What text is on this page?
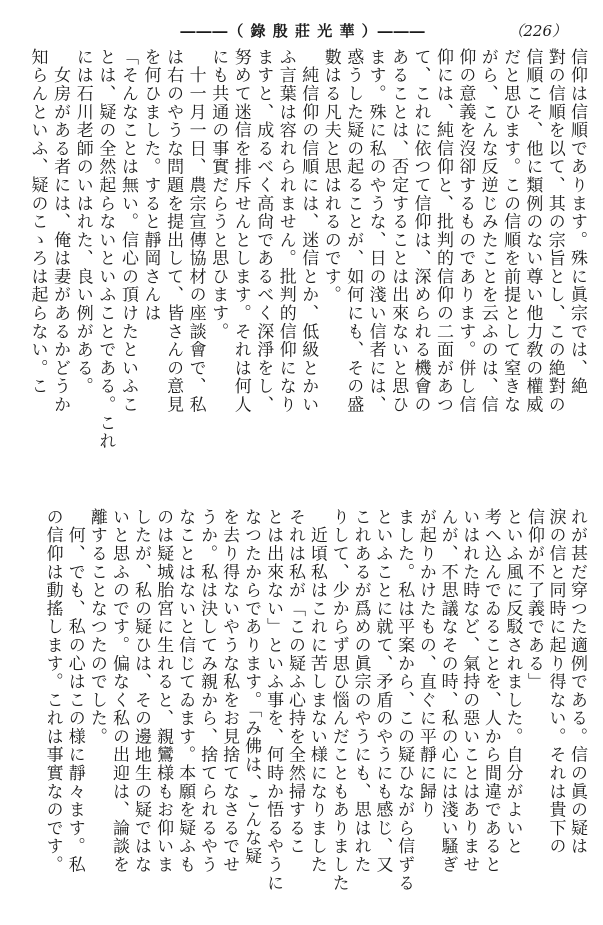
―――（ 錄 殷 莊 光 華 ）―――	（226）
信仰は信順であります。殊に眞宗では、絶
對の信順を以て、其の宗旨とし、この絶對の
信順こそ、他に類例のない尊い他力敎の權威
だと思ひます。この信順を前提として窒きな
がら、こんな反逆じみたことを云ふのは、信
仰の意義を沒卻するものであります。併し信
仰には、純信仰と、批判的信仰の二面があつ
て、これに依つて信仰は、深められる機會の
あることは、否定することは出來ないと思ひ
ます。殊に私のやうな、日の淺い信者には、
惑うした疑の起ることが、如何にも、その盛
數はる凡夫と思はれるのです。
　純信仰の信順には、迷信とか、低級とかい
ふ言葉は容れられません。批判的信仰になり
ますと、成るべく高尙であるべく深淨をし、
努めて迷信を排斥せんとします。それは何人
にも共通の事實だらうと思ひます。
　十一月一日、農宗宣傳協材の座談會で、私
は右のやうな問題を提出して、皆さんの意見
を何ひました。すると靜岡さんは
「そんなことは無い。信心の頂けたといふこ
とは、疑の全然起らないといふことである。これ
には石川老師のいはれた、良い例がある。
　女房がある者には、俺は妻があるかどうか
知らんといふ、疑のこゝろは起らない。こ
れが甚だ穿つた適例である。信の眞の疑は
淚の信と同時に起り得ない。それは貴下の
信仰が不了義である」
といふ風に反駁されました。自分がよいと
考へ込んでゐることを、人から間違であると
いはれた時など、氣持の惡いことはありませ
んが、不思議なその時、私の心には淺い騷ぎ
が起りかけたもの、直ぐに平靜に歸り
ました。私は平案から、この疑ひながら信ずる
といふことに就て、矛盾のやうにも感じ、又
これあるが爲めの眞宗のやうにも、思はれた
りして、少からず思ひ惱んだこともありました
　近頃私はこれに苦しまない様になりました
それは私が「この疑ふ心持を全然掃するこ
とは出來ない」といふ事を、何時か悟るやうに
なつたからであります。「み佛は、こんな疑
を去り得ないやうな私をお見捨てなさるでせ
うか。私は決してみ親から、捨てられるやう
なことはないと信じてゐます。本願を疑ふも
のは疑城胎宮に生れると、親鸞様もお仰いま
したが、私の疑ひは、その邊地生の疑ではな
いと思ふのです。偏なく私の出迎は、論談を
離することなつたのでした。
　何、でも、私の心はこの様に靜々ます。私
の信仰は動搖します。これは事實なのです。
